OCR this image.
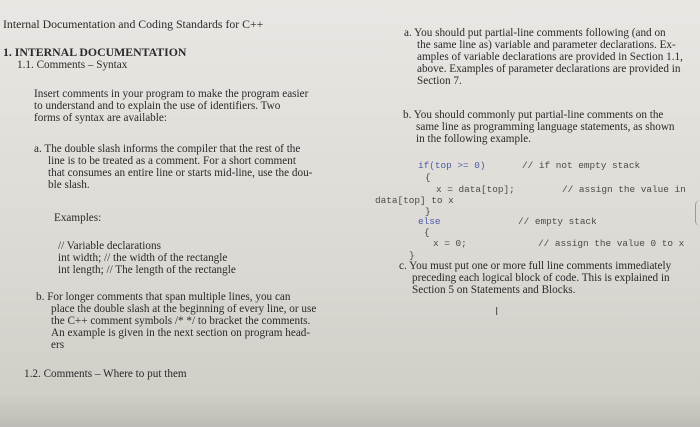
Internal Documentation and Coding Standards for C++
1. INTERNAL DOCUMENTATION
1.1. Comments – Syntax
Insert comments in your program to make the program easier
to understand and to explain the use of identifiers. Two
forms of syntax are available:
a. The double slash informs the compiler that the rest of the
line is to be treated as a comment. For a short comment
that consumes an entire line or starts mid-line, use the dou-
ble slash.
Examples:
// Variable declarations
int width; // the width of the rectangle
int length; // The length of the rectangle
b. For longer comments that span multiple lines, you can
place the double slash at the beginning of every line, or use
the C++ comment symbols /* */ to bracket the comments.
An example is given in the next section on program head-
ers
1.2. Comments – Where to put them
a. You should put partial-line comments following (and on
the same line as) variable and parameter declarations. Ex-
amples of variable declarations are provided in Section 1.1,
above. Examples of parameter declarations are provided in
Section 7.
b. You should commonly put partial-line comments on the
same line as programming language statements, as shown
in the following example.
if(top >= 0)	// if not empty stack
{
x = data[top];	// assign the value in
data[top] to x
}
else	// empty stack
{
x = 0;	// assign the value 0 to x
}
c. You must put one or more full line comments immediately
preceding each logical block of code. This is explained in
Section 5 on Statements and Blocks.
I
